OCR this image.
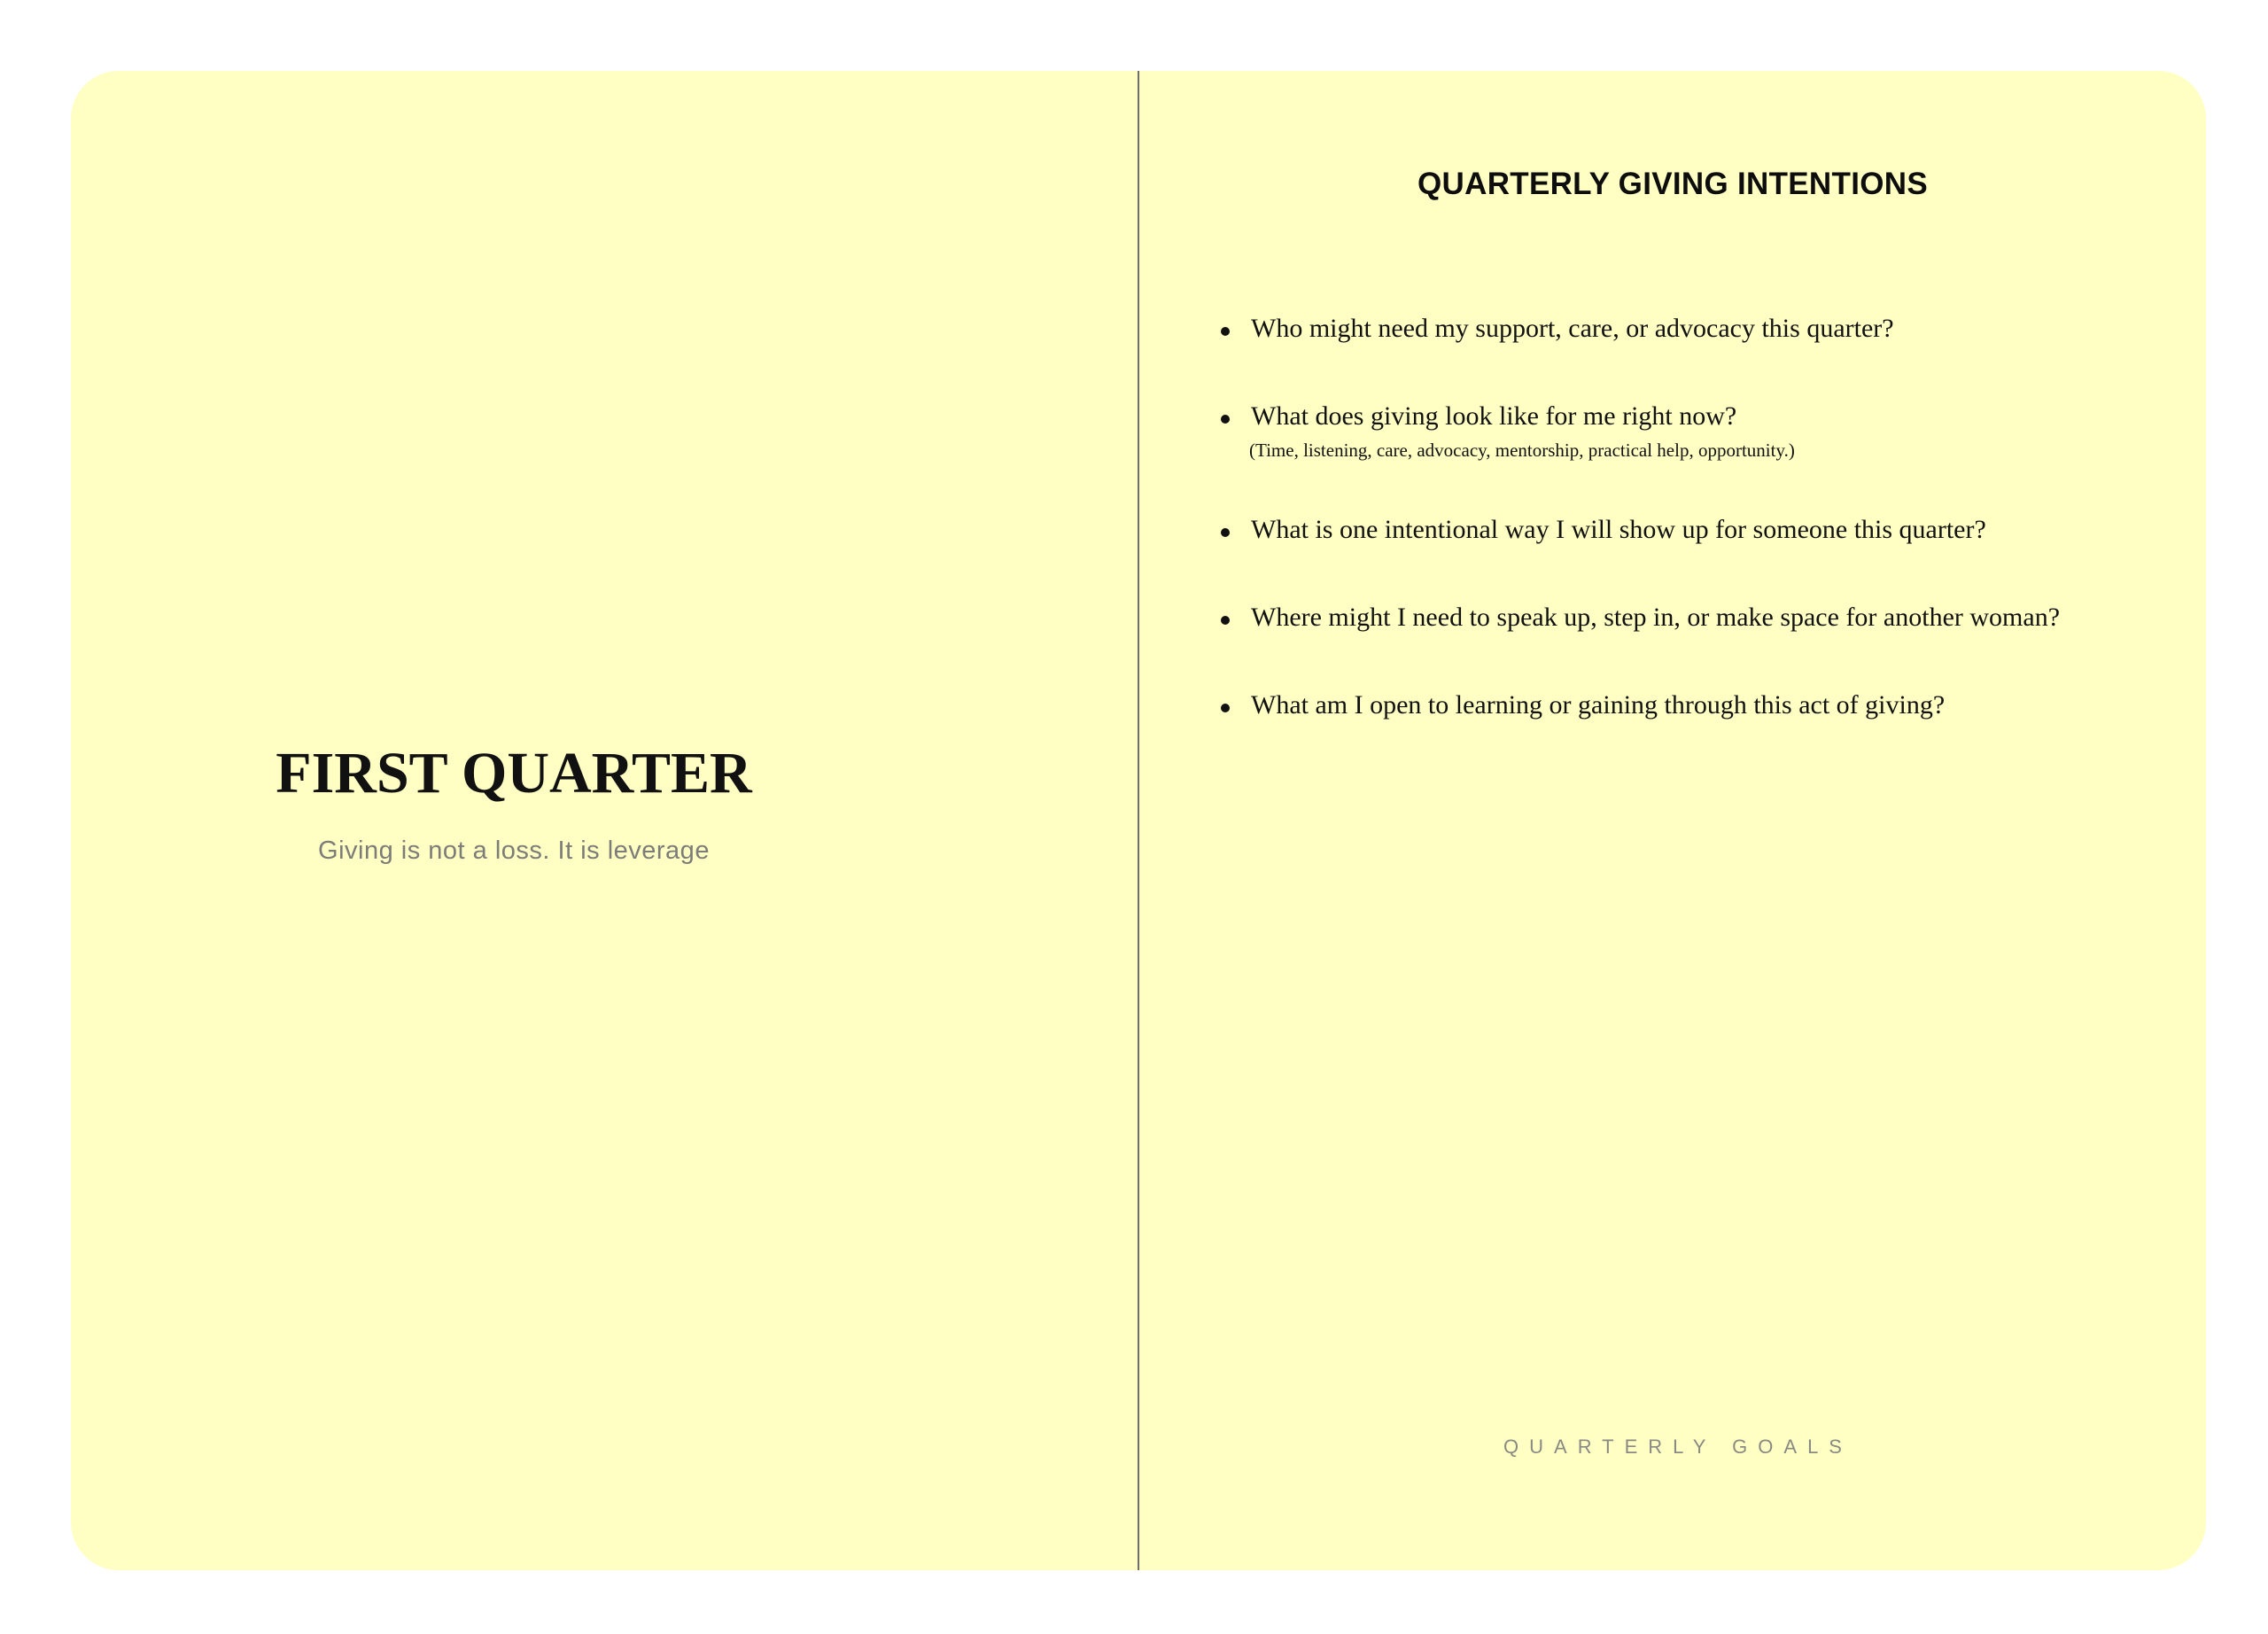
FIRST QUARTER
Giving is not a loss. It is leverage
QUARTERLY GIVING INTENTIONS
Who might need my support, care, or advocacy this quarter?
What does giving look like for me right now?
(Time, listening, care, advocacy, mentorship, practical help, opportunity.)
What is one intentional way I will show up for someone this quarter?
Where might I need to speak up, step in, or make space for another woman?
What am I open to learning or gaining through this act of giving?
QUARTERLY GOALS
